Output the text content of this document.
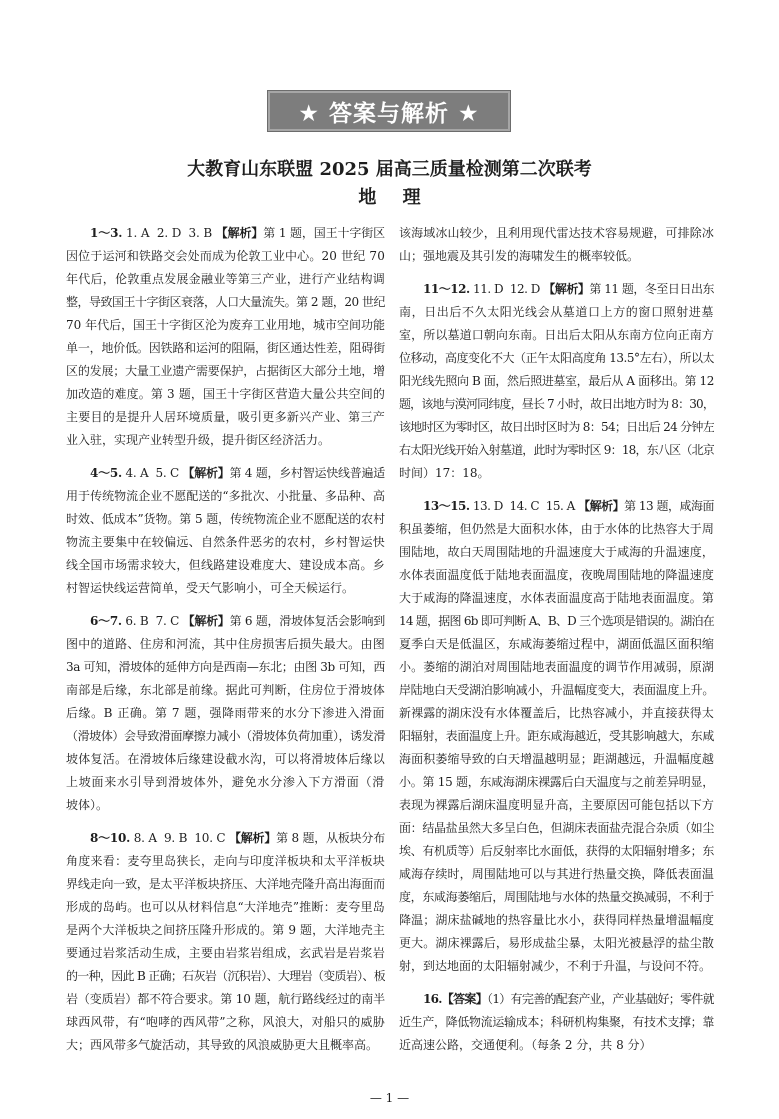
★ 答案与解析 ★
大教育山东联盟 2025 届高三质量检测第二次联考
地 理
1～3. 1. A  2. D  3. B 【解析】第 1 题，国王十字街区
因位于运河和铁路交会处而成为伦敦工业中心。20 世纪 70
年代后，伦敦重点发展金融业等第三产业，进行产业结构调
整，导致国王十字街区衰落，人口大量流失。第 2 题，20 世纪
70 年代后，国王十字街区沦为废弃工业用地，城市空间功能
单一，地价低。因铁路和运河的阻隔，街区通达性差，阻碍街
区的发展；大量工业遗产需要保护，占据街区大部分土地，增
加改造的难度。第 3 题，国王十字街区营造大量公共空间的
主要目的是提升人居环境质量，吸引更多新兴产业、第三产
业入驻，实现产业转型升级，提升街区经济活力。
4～5. 4. A  5. C 【解析】第 4 题，乡村智运快线普遍适
用于传统物流企业不愿配送的“多批次、小批量、多品种、高
时效、低成本”货物。第 5 题，传统物流企业不愿配送的农村
物流主要集中在较偏远、自然条件恶劣的农村，乡村智运快
线全国市场需求较大，但线路建设难度大、建设成本高。乡
村智运快线运营简单，受天气影响小，可全天候运行。
6～7. 6. B  7. C 【解析】第 6 题，滑坡体复活会影响到
图中的道路、住房和河流，其中住房损害后损失最大。由图
3a 可知，滑坡体的延伸方向是西南—东北；由图 3b 可知，西
南部是后缘，东北部是前缘。据此可判断，住房位于滑坡体
后缘。B 正确。第 7 题，强降雨带来的水分下渗进入滑面
（滑坡体）会导致滑面摩擦力减小（滑坡体负荷加重），诱发滑
坡体复活。在滑坡体后缘建设截水沟，可以将滑坡体后缘以
上坡面来水引导到滑坡体外，避免水分渗入下方滑面（滑
坡体）。
8～10. 8. A  9. B  10. C 【解析】第 8 题，从板块分布
角度来看：麦夸里岛狭长，走向与印度洋板块和太平洋板块
界线走向一致，是太平洋板块挤压、大洋地壳隆升高出海面而
形成的岛屿。也可以从材料信息“大洋地壳”推断：麦夸里岛
是两个大洋板块之间挤压隆升形成的。第 9 题，大洋地壳主
要通过岩浆活动生成，主要由岩浆岩组成，玄武岩是岩浆岩
的一种，因此 B 正确；石灰岩（沉积岩）、大理岩（变质岩）、板
岩（变质岩）都不符合要求。第 10 题，航行路线经过的南半
球西风带，有“咆哮的西风带”之称，风浪大，对船只的威胁
大；西风带多气旋活动，其导致的风浪威胁更大且概率高。
该海域冰山较少，且利用现代雷达技术容易规避，可排除冰
山；强地震及其引发的海啸发生的概率较低。
11～12. 11. D  12. D 【解析】第 11 题，冬至日日出东
南，日出后不久太阳光线会从墓道口上方的窗口照射进墓
室，所以墓道口朝向东南。日出后太阳从东南方位向正南方
位移动，高度变化不大（正午太阳高度角 13.5°左右），所以太
阳光线先照向 B 面，然后照进墓室，最后从 A 面移出。第 12
题，该地与漠河同纬度，昼长 7 小时，故日出地方时为 8：30，
该地时区为零时区，故日出时区时为 8：54；日出后 24 分钟左
右太阳光线开始入射墓道，此时为零时区 9：18，东八区（北京
时间）17：18。
13～15. 13. D  14. C  15. A 【解析】第 13 题，咸海面
积虽萎缩，但仍然是大面积水体，由于水体的比热容大于周
围陆地，故白天周围陆地的升温速度大于咸海的升温速度，
水体表面温度低于陆地表面温度，夜晚周围陆地的降温速度
大于咸海的降温速度，水体表面温度高于陆地表面温度。第
14 题，据图 6b 即可判断 A、B、D 三个选项是错误的。湖泊在
夏季白天是低温区，东咸海萎缩过程中，湖面低温区面积缩
小。萎缩的湖泊对周围陆地表面温度的调节作用减弱，原湖
岸陆地白天受湖泊影响减小，升温幅度变大，表面温度上升。
新裸露的湖床没有水体覆盖后，比热容减小，并直接获得太
阳辐射，表面温度上升。距东咸海越近，受其影响越大，东咸
海面积萎缩导致的白天增温越明显；距湖越远，升温幅度越
小。第 15 题，东咸海湖床裸露后白天温度与之前差异明显，
表现为裸露后湖床温度明显升高，主要原因可能包括以下方
面：结晶盐虽然大多呈白色，但湖床表面盐壳混合杂质（如尘
埃、有机质等）后反射率比水面低，获得的太阳辐射增多；东
咸海存续时，周围陆地可以与其进行热量交换，降低表面温
度，东咸海萎缩后，周围陆地与水体的热量交换减弱，不利于
降温；湖床盐碱地的热容量比水小，获得同样热量增温幅度
更大。湖床裸露后，易形成盐尘暴，太阳光被悬浮的盐尘散
射，到达地面的太阳辐射减少，不利于升温，与设问不符。
16.【答案】（1）有完善的配套产业，产业基础好；零件就
近生产，降低物流运输成本；科研机构集聚，有技术支撑；靠
近高速公路，交通便利。（每条 2 分，共 8 分）
— 1 —
